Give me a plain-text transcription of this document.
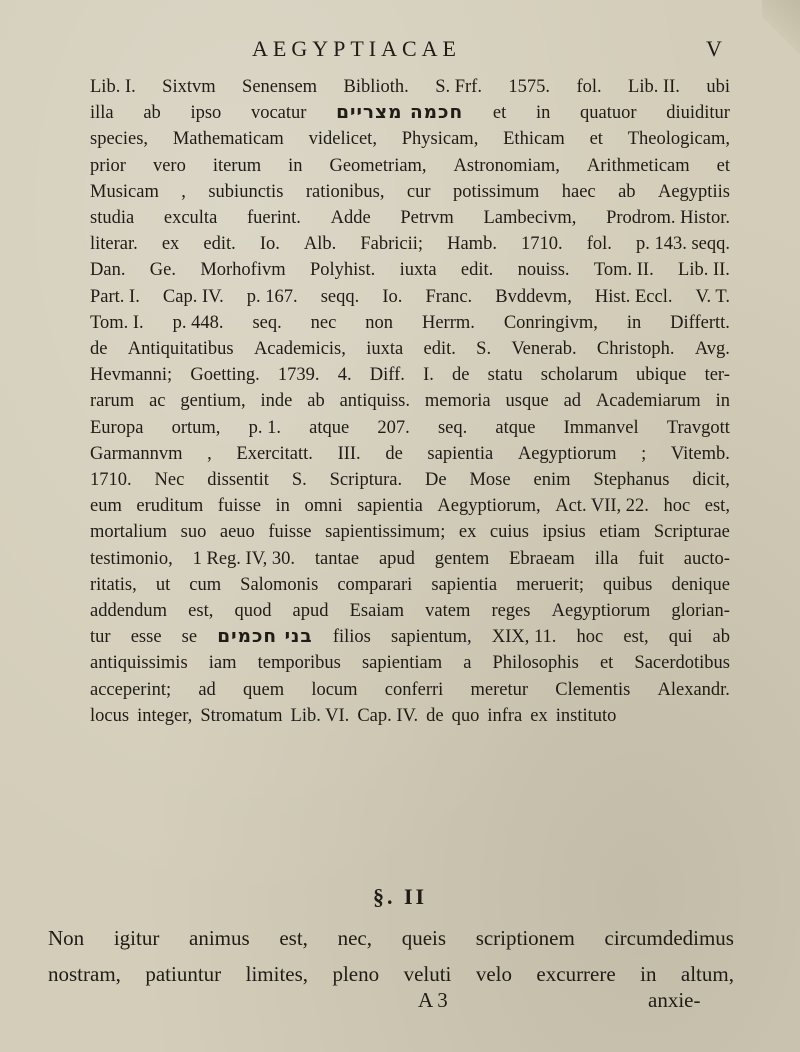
AEGYPTIACAE	V
Lib. I. Sixtvm Senensem Biblioth. S. Frf. 1575. fol. Lib. II. ubi
illa ab ipso vocatur חכמה מצריים et in quatuor diuiditur
species, Mathematicam videlicet, Physicam, Ethicam et Theologicam,
prior vero iterum in Geometriam, Astronomiam, Arithmeticam et
Musicam , subiunctis rationibus, cur potissimum haec ab Aegyptiis
studia exculta fuerint. Adde Petrvm Lambecivm, Prodrom. Histor.
literar. ex edit. Io. Alb. Fabricii; Hamb. 1710. fol. p. 143. seqq.
Dan. Ge. Morhofivm Polyhist. iuxta edit. nouiss. Tom. II. Lib. II.
Part. I. Cap. IV. p. 167. seqq. Io. Franc. Bvddevm, Hist. Eccl. V. T.
Tom. I. p. 448. seq. nec non Herrm. Conringivm, in Differtt.
de Antiquitatibus Academicis, iuxta edit. S. Venerab. Christoph. Avg.
Hevmanni; Goetting. 1739. 4. Diff. I. de statu scholarum ubique ter-
rarum ac gentium, inde ab antiquiss. memoria usque ad Academiarum in
Europa ortum, p. 1. atque 207. seq. atque Immanvel Travgott
Garmannvm , Exercitatt. III. de sapientia Aegyptiorum ; Vitemb.
1710. Nec dissentit S. Scriptura. De Mose enim Stephanus dicit,
eum eruditum fuisse in omni sapientia Aegyptiorum, Act. VII, 22. hoc est,
mortalium suo aeuo fuisse sapientissimum; ex cuius ipsius etiam Scripturae
testimonio, 1 Reg. IV, 30. tantae apud gentem Ebraeam illa fuit aucto-
ritatis, ut cum Salomonis comparari sapientia meruerit; quibus denique
addendum est, quod apud Esaiam vatem reges Aegyptiorum glorian-
tur esse se בני חכמים filios sapientum, XIX, 11. hoc est, qui ab
antiquissimis iam temporibus sapientiam a Philosophis et Sacerdotibus
acceperint; ad quem locum conferri meretur Clementis Alexandr.
locus integer, Stromatum Lib. VI. Cap. IV. de quo infra ex instituto
§. II
Non igitur animus est, nec, queis scriptionem circumdedimus
nostram, patiuntur limites, pleno veluti velo excurrere in altum,
A 3	anxie-
